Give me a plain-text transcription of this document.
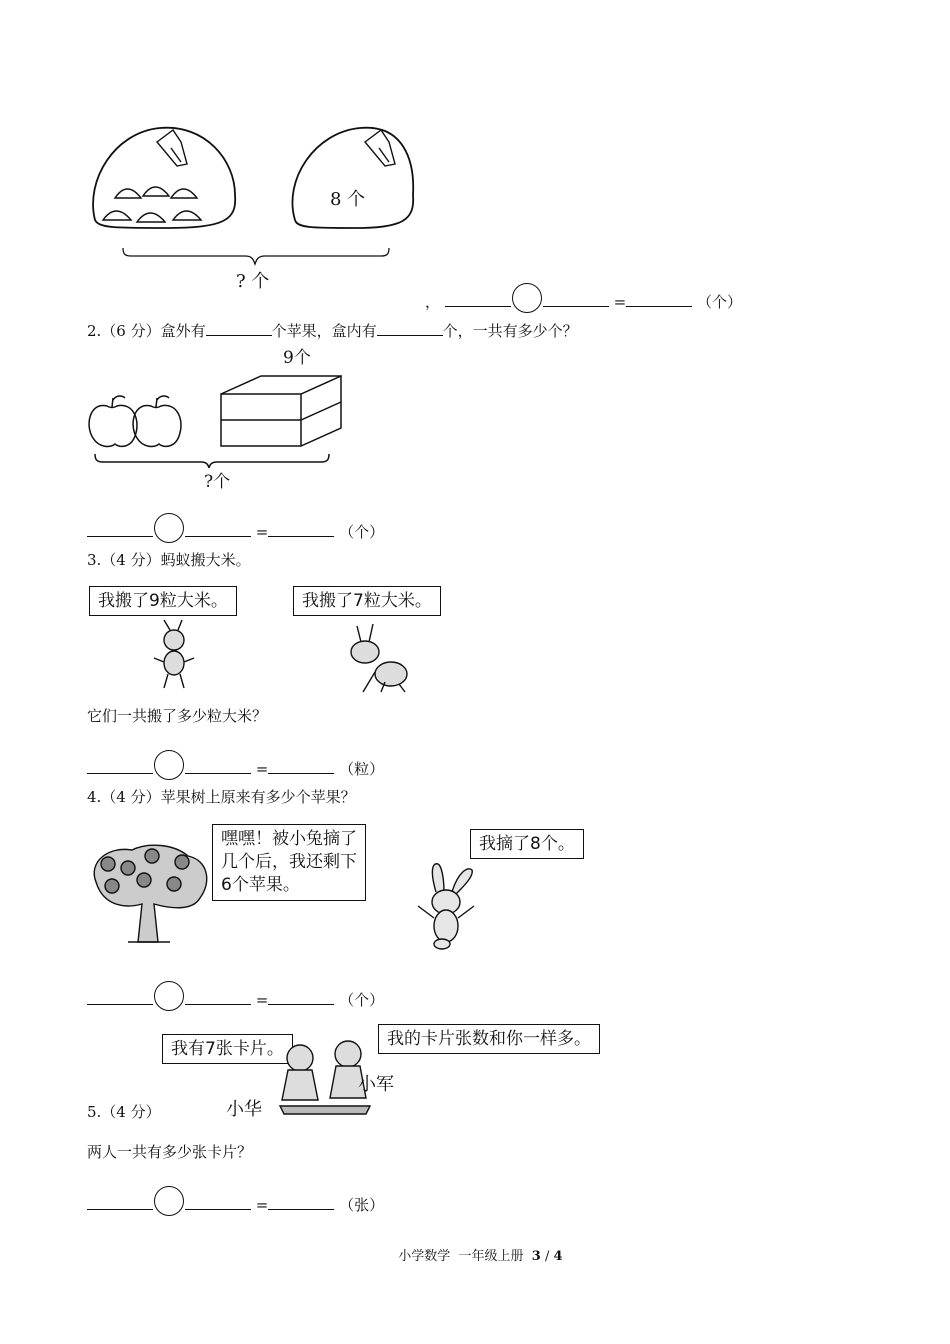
8 个
? 个
，	=	（个）
2.（6 分）盒外有	个苹果，盒内有	个，一共有多少个？
9个
?个
=	（个）
3.（4 分）蚂蚁搬大米。
我搬了9粒大米。	我搬了7粒大米。
它们一共搬了多少粒大米？
=	（粒）
4.（4 分）苹果树上原来有多少个苹果？
嘿嘿！被小兔摘了
几个后，我还剩下
6个苹果。
我摘了8个。
=	（个）
我有7张卡片。	我的卡片张数和你一样多。
小华
小军
5.（4 分）
两人一共有多少张卡片？
=	（张）

小学数学  一年级上册  3 / 4
